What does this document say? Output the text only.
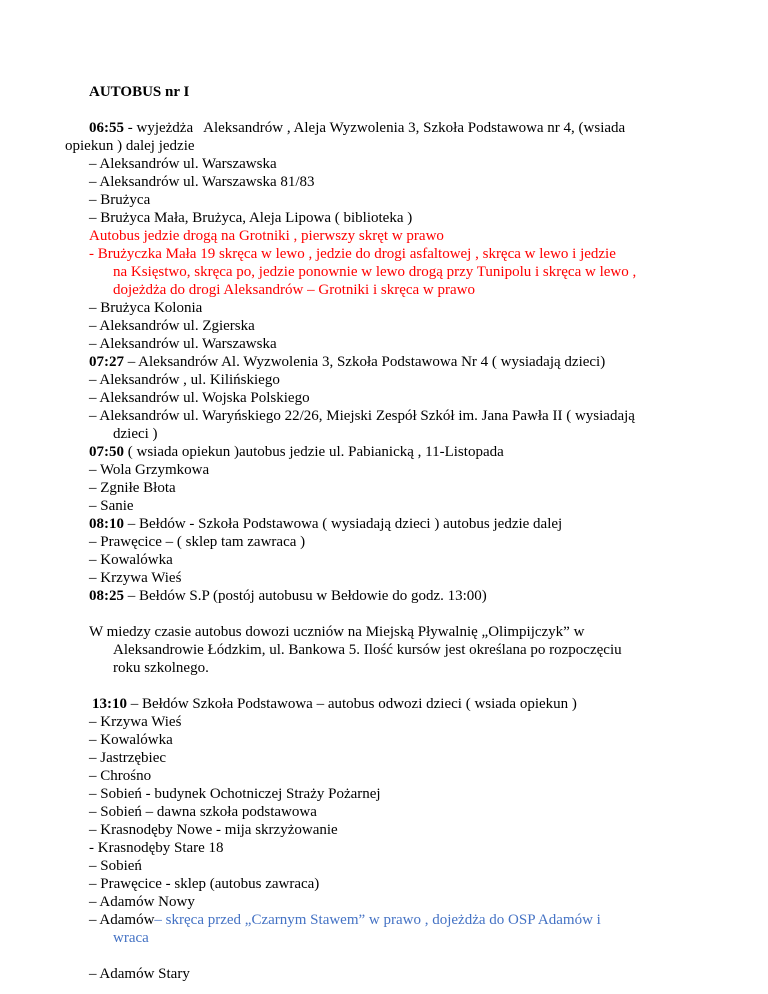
AUTOBUS nr I
06:55 - wyjeżdża Aleksandrów , Aleja Wyzwolenia 3, Szkoła Podstawowa nr 4, (wsiada
opiekun ) dalej jedzie
– Aleksandrów ul. Warszawska
– Aleksandrów ul. Warszawska 81/83
– Brużyca
– Brużyca Mała, Brużyca, Aleja Lipowa ( biblioteka )
Autobus jedzie drogą na Grotniki , pierwszy skręt w prawo
- Brużyczka Mała 19 skręca w lewo , jedzie do drogi asfaltowej , skręca w lewo i jedzie
na Księstwo, skręca po, jedzie ponownie w lewo drogą przy Tunipolu i skręca w lewo ,
dojeżdża do drogi Aleksandrów – Grotniki i skręca w prawo
– Brużyca Kolonia
– Aleksandrów ul. Zgierska
– Aleksandrów ul. Warszawska
07:27 – Aleksandrów Al. Wyzwolenia 3, Szkoła Podstawowa Nr 4 ( wysiadają dzieci)
– Aleksandrów , ul. Kilińskiego
– Aleksandrów ul. Wojska Polskiego
– Aleksandrów ul. Waryńskiego 22/26, Miejski Zespół Szkół im. Jana Pawła II ( wysiadają
dzieci )
07:50 ( wsiada opiekun )autobus jedzie ul. Pabianicką , 11-Listopada
– Wola Grzymkowa
– Zgniłe Błota
– Sanie
08:10 – Bełdów - Szkoła Podstawowa ( wysiadają dzieci ) autobus jedzie dalej
– Prawęcice – ( sklep tam zawraca )
– Kowalówka
– Krzywa Wieś
08:25 – Bełdów S.P (postój autobusu w Bełdowie do godz. 13:00)
W miedzy czasie autobus dowozi uczniów na Miejską Pływalnię „Olimpijczyk” w
Aleksandrowie Łódzkim, ul. Bankowa 5. Ilość kursów jest określana po rozpoczęciu
roku szkolnego.
13:10 – Bełdów Szkoła Podstawowa – autobus odwozi dzieci ( wsiada opiekun )
– Krzywa Wieś
– Kowalówka
– Jastrzębiec
– Chrośno
– Sobień - budynek Ochotniczej Straży Pożarnej
– Sobień – dawna szkoła podstawowa
– Krasnodęby Nowe - mija skrzyżowanie
- Krasnodęby Stare 18
– Sobień
– Prawęcice - sklep (autobus zawraca)
– Adamów Nowy
– Adamów– skręca przed „Czarnym Stawem” w prawo , dojeżdża do OSP Adamów i
wraca
– Adamów Stary
